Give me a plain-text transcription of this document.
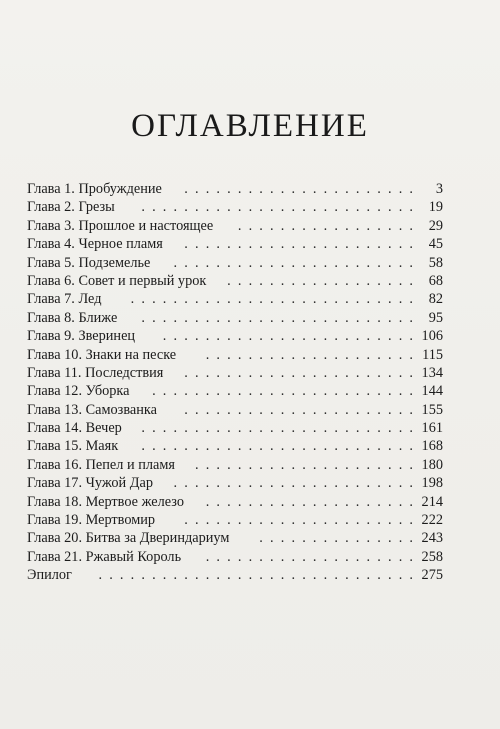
ОГЛАВЛЕНИЕ
Глава 1. Пробуждение	. . . . . . . . . . . . . . . . . . . . . . 3
Глава 2. Грезы	. . . . . . . . . . . . . . . . . . . . . . . . . . 19
Глава 3. Прошлое и настоящее	. . . . . . . . . . . . . . . . . 29
Глава 4. Черное пламя	. . . . . . . . . . . . . . . . . . . . . . 45
Глава 5. Подземелье	. . . . . . . . . . . . . . . . . . . . . . . 58
Глава 6. Совет и первый урок	. . . . . . . . . . . . . . . . . . 68
Глава 7. Лед	. . . . . . . . . . . . . . . . . . . . . . . . . . . 82
Глава 8. Ближе	. . . . . . . . . . . . . . . . . . . . . . . . . . 95
Глава 9. Зверинец	. . . . . . . . . . . . . . . . . . . . . . . . 106
Глава 10. Знаки на песке	. . . . . . . . . . . . . . . . . . . . 115
Глава 11. Последствия	. . . . . . . . . . . . . . . . . . . . . . 134
Глава 12. Уборка	. . . . . . . . . . . . . . . . . . . . . . . . . 144
Глава 13. Самозванка	. . . . . . . . . . . . . . . . . . . . . . 155
Глава 14. Вечер	. . . . . . . . . . . . . . . . . . . . . . . . . . 161
Глава 15. Маяк	. . . . . . . . . . . . . . . . . . . . . . . . . . 168
Глава 16. Пепел и пламя	. . . . . . . . . . . . . . . . . . . . . 180
Глава 17. Чужой Дар	. . . . . . . . . . . . . . . . . . . . . . . 198
Глава 18. Мертвое железо	. . . . . . . . . . . . . . . . . . . . 214
Глава 19. Мертвомир	. . . . . . . . . . . . . . . . . . . . . . 222
Глава 20. Битва за Двериндариум	. . . . . . . . . . . . . . . 243
Глава 21. Ржавый Король	. . . . . . . . . . . . . . . . . . . . 258
Эпилог	. . . . . . . . . . . . . . . . . . . . . . . . . . . . . . 275
